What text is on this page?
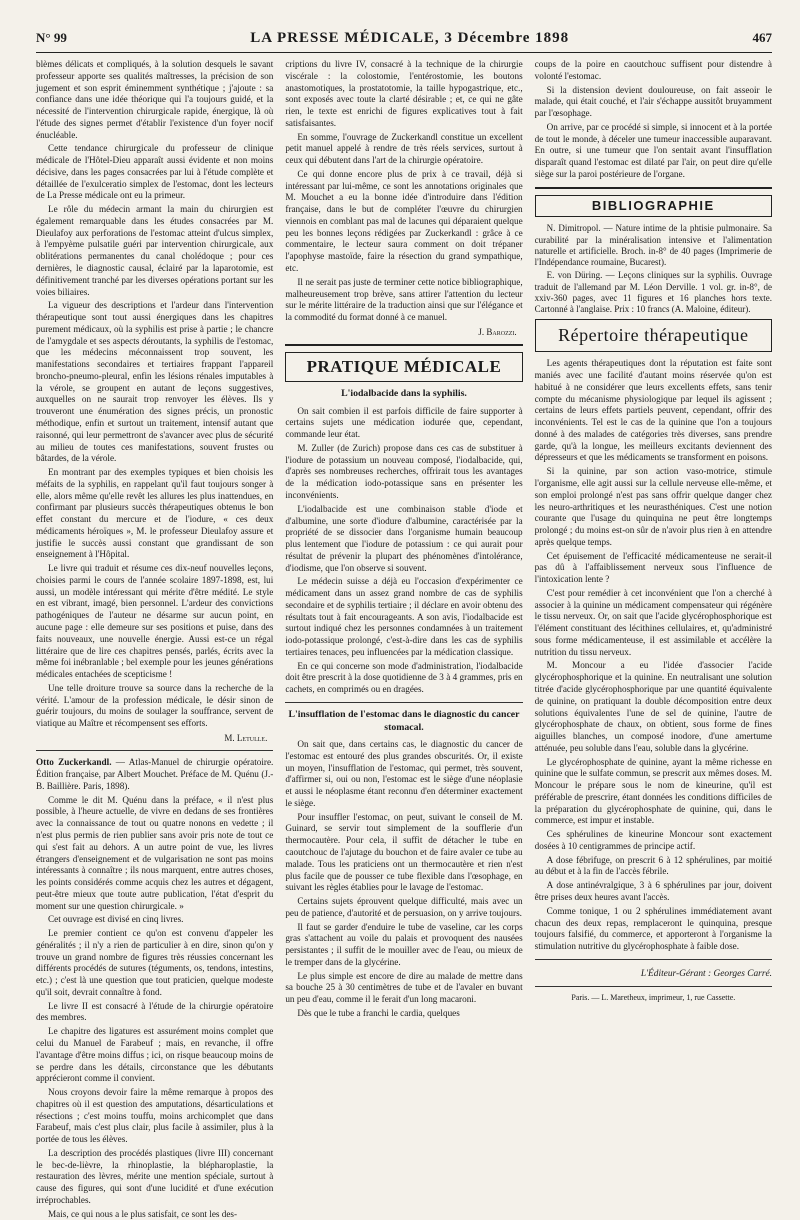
N° 99	LA PRESSE MÉDICALE, 3 Décembre 1898	467

blèmes délicats et compliqués, à la solution desquels le savant professeur apporte ses qualités maîtresses, la précision de son jugement et son esprit éminemment synthétique ; j'ajoute : sa confiance dans une idée théorique qui l'a toujours guidé, et la nécessité de l'intervention chirurgicale rapide, énergique, là où l'étude des signes permet d'établir l'existence d'un foyer nocif énucléable.

Cette tendance chirurgicale du professeur de clinique médicale de l'Hôtel-Dieu apparaît aussi évidente et non moins décisive, dans les pages consacrées par lui à l'étude complète et détaillée de l'exulceratio simplex de l'estomac, dont les lecteurs de La Presse médicale ont eu la primeur.

Le rôle du médecin armant la main du chirurgien est également remarquable dans les études consacrées par M. Dieulafoy aux perforations de l'estomac atteint d'ulcus simplex, à l'empyème pulsatile guéri par intervention chirurgicale, aux oblitérations permanentes du canal cholédoque ; pour ces dernières, le diagnostic causal, éclairé par la laparotomie, est définitivement tranché par les diverses opérations portant sur les voies biliaires.

La vigueur des descriptions et l'ardeur dans l'intervention thérapeutique sont tout aussi énergiques dans les chapitres purement médicaux, où la syphilis est prise à partie ; le chancre de l'amygdale et ses aspects déroutants, la syphilis de l'estomac, que les médecins méconnaissent trop souvent, les manifestations secondaires et tertiaires frappant l'appareil broncho-pneumo-pleural, enfin les lésions rénales imputables à la vérole, se groupent en autant de leçons suggestives, auxquelles on ne saurait trop renvoyer les élèves. Ils y trouveront une énumération des signes précis, un pronostic méthodique, enfin et surtout un traitement, intensif autant que raisonné, qui leur permettront de s'avancer avec plus de sécurité au milieu de toutes ces manifestations, souvent frustes ou bâtardes, de la vérole.

En montrant par des exemples typiques et bien choisis les méfaits de la syphilis, en rappelant qu'il faut toujours songer à elle, alors même qu'elle revêt les allures les plus inattendues, en confirmant par plusieurs succès thérapeutiques obtenus le bon effet constant du mercure et de l'iodure, « ces deux médicaments héroïques », M. le professeur Dieulafoy assure et justifie le succès aussi constant que grandissant de son enseignement à l'Hôpital.

Le livre qui traduit et résume ces dix-neuf nouvelles leçons, choisies parmi le cours de l'année scolaire 1897-1898, est, lui aussi, un modèle intéressant qui mérite d'être médité. Le style en est vibrant, imagé, bien personnel. L'ardeur des convictions pathogéniques de l'auteur ne désarme sur aucun point, en aucune page : elle demeure sur ses positions et puise, dans des faits nouveaux, une nouvelle énergie. Aussi est-ce un régal littéraire que de lire ces chapitres pensés, parlés, écrits avec la même foi inébranlable ; bel exemple pour les jeunes générations médicales entachées de scepticisme !

Une telle droiture trouve sa source dans la recherche de la vérité. L'amour de la profession médicale, le désir sinon de guérir toujours, du moins de soulager la souffrance, servent de viatique au Maître et récompensent ses efforts.

M. Letulle.

Otto Zuckerkandl. — Atlas-Manuel de chirurgie opératoire. Édition française, par Albert Mouchet. Préface de M. Quénu (J.-B. Baillière. Paris, 1898).

Comme le dit M. Quénu dans la préface, « il n'est plus possible, à l'heure actuelle, de vivre en dedans de ses frontières avec la connaissance de tout ou quatre nonons en vedette ; il n'est plus permis de rien publier sans avoir pris note de tout ce qui s'est fait au dehors. A un autre point de vue, les livres étrangers d'enseignement et de vulgarisation ne sont pas moins intéressants à connaître ; ils nous marquent, entre autres choses, les points considérés comme acquis chez les autres et dégagent, peut-être mieux que toute autre publication, l'état d'esprit du moment sur une question chirurgicale. »

Cet ouvrage est divisé en cinq livres.

Le premier contient ce qu'on est convenu d'appeler les généralités ; il n'y a rien de particulier à en dire, sinon qu'on y trouve un grand nombre de figures très réussies concernant les différents procédés de sutures (téguments, os, tendons, intestins, etc.) ; c'est là une question que tout praticien, quelque modeste qu'il soit, devrait connaître à fond.

Le livre II est consacré à l'étude de la chirurgie opératoire des membres.

Le chapitre des ligatures est assurément moins complet que celui du Manuel de Farabeuf ; mais, en revanche, il offre l'avantage d'être moins diffus ; ici, on risque beaucoup moins de se perdre dans les détails, circonstance que les débutants apprécieront comme il convient.

Nous croyons devoir faire la même remarque à propos des chapitres où il est question des amputations, désarticulations et résections ; c'est moins touffu, moins archicomplet que dans Farabeuf, mais c'est plus clair, plus facile à assimiler, plus à la portée de tous les élèves.

La description des procédés plastiques (livre III) concernant le bec-de-lièvre, la rhinoplastie, la blépharoplastie, la restauration des lèvres, mérite une mention spéciale, surtout à cause des figures, qui sont d'une lucidité et d'une exécution irréprochables.

Mais, ce qui nous a le plus satisfait, ce sont les des-

criptions du livre IV, consacré à la technique de la chirurgie viscérale : la colostomie, l'entérostomie, les boutons anastomotiques, la prostatotomie, la taille hypogastrique, etc., sont exposés avec toute la clarté désirable ; et, ce qui ne gâte rien, le texte est enrichi de figures explicatives tout à fait satisfaisantes.

En somme, l'ouvrage de Zuckerkandl constitue un excellent petit manuel appelé à rendre de très réels services, surtout à ceux qui débutent dans l'art de la chirurgie opératoire.

Ce qui donne encore plus de prix à ce travail, déjà si intéressant par lui-même, ce sont les annotations originales que M. Mouchet a eu la bonne idée d'introduire dans l'édition française, dans le but de compléter l'œuvre du chirurgien viennois en comblant pas mal de lacunes qui déparaient quelque peu les bonnes leçons rédigées par Zuckerkandl : grâce à ce commentaire, le lecteur saura comment on doit trépaner l'apophyse mastoïde, faire la résection du grand sympathique, etc.

Il ne serait pas juste de terminer cette notice bibliographique, malheureusement trop brève, sans attirer l'attention du lecteur sur le mérite littéraire de la traduction ainsi que sur l'élégance et la commodité du format donné à ce manuel.

J. Barozzi.
PRATIQUE MÉDICALE
L'iodalbacide dans la syphilis.

On sait combien il est parfois difficile de faire supporter à certains sujets une médication iodurée que, cependant, commande leur état.

M. Zuller (de Zurich) propose dans ces cas de substituer à l'iodure de potassium un nouveau composé, l'iodalbacide, qui, d'après ses nombreuses recherches, offrirait tous les avantages de la médication iodo-potassique sans en présenter les inconvénients.

L'iodalbacide est une combinaison stable d'iode et d'albumine, une sorte d'iodure d'albumine, caractérisée par la propriété de se dissocier dans l'organisme humain beaucoup plus lentement que l'iodure de potassium : ce qui aurait pour résultat de prévenir la plupart des phénomènes d'intolérance, d'iodisme, que l'on observe si souvent.

Le médecin suisse a déjà eu l'occasion d'expérimenter ce médicament dans un assez grand nombre de cas de syphilis secondaire et de syphilis tertiaire ; il déclare en avoir obtenu des résultats tout à fait encourageants. A son avis, l'iodalbacide est surtout indiqué chez les personnes condamnées à un traitement iodo-potassique prolongé, c'est-à-dire dans les cas de syphilis tertiaires tenaces, peu influencées par la médication classique.

En ce qui concerne son mode d'administration, l'iodalbacide doit être prescrit à la dose quotidienne de 3 à 4 grammes, pris en cachets, en comprimés ou en dragées.

L'insufflation de l'estomac dans le diagnostic du cancer stomacal.

On sait que, dans certains cas, le diagnostic du cancer de l'estomac est entouré des plus grandes obscurités. Or, il existe un moyen, l'insufflation de l'estomac, qui permet, très souvent, d'affirmer si, oui ou non, l'estomac est le siège d'une néoplasie et aussi le néoplasme étant reconnu d'en déterminer exactement le siège.

Pour insuffler l'estomac, on peut, suivant le conseil de M. Guinard, se servir tout simplement de la soufflerie d'un thermocautère. Pour cela, il suffit de détacher le tube en caoutchouc de l'ajutage du bouchon et de faire avaler ce tube au malade. Tous les praticiens ont un thermocautère et rien n'est plus facile que de pousser ce tube flexible dans l'œsophage, en suivant les règles établies pour le lavage de l'estomac.

Certains sujets éprouvent quelque difficulté, mais avec un peu de patience, d'autorité et de persuasion, on y arrive toujours.

Il faut se garder d'enduire le tube de vaseline, car les corps gras s'attachent au voile du palais et provoquent des nausées persistantes ; il suffit de le mouiller avec de l'eau, ou mieux de le tremper dans de la glycérine.

Le plus simple est encore de dire au malade de mettre dans sa bouche 25 à 30 centimètres de tube et de l'avaler en buvant un peu d'eau, comme il le ferait d'un long macaroni.

Dès que le tube a franchi le cardia, quelques

coups de la poire en caoutchouc suffisent pour distendre à volonté l'estomac.

Si la distension devient douloureuse, on fait asseoir le malade, qui était couché, et l'air s'échappe aussitôt bruyamment par l'œsophage.

On arrive, par ce procédé si simple, si innocent et à la portée de tout le monde, à déceler une tumeur inaccessible auparavant. En outre, si une tumeur que l'on sentait avant l'insufflation disparaît quand l'estomac est dilaté par l'air, on peut dire qu'elle siège sur la paroi postérieure de l'organe.

BIBLIOGRAPHIE

N. Dimitropol. — Nature intime de la phtisie pulmonaire. Sa curabilité par la minéralisation intensive et l'alimentation naturelle et artificielle. Broch. in-8° de 40 pages (Imprimerie de l'Indépendance roumaine, Bucarest).

E. von Düring. — Leçons cliniques sur la syphilis. Ouvrage traduit de l'allemand par M. Léon Derville. 1 vol. gr. in-8°, de xxiv-360 pages, avec 11 figures et 16 planches hors texte. Cartonné à l'anglaise. Prix : 10 francs (A. Maloine, éditeur).

Répertoire thérapeutique

Les agents thérapeutiques dont la réputation est faite sont maniés avec une facilité d'autant moins réservée qu'on est habitué à ne considérer que leurs excellents effets, sans tenir compte du mécanisme physiologique par lequel ils agissent ; certains de leurs effets partiels peuvent, cependant, offrir des inconvénients. Tel est le cas de la quinine que l'on a toujours donné à des malades de catégories très diverses, sans prendre garde, qu'à la longue, les meilleurs excitants deviennent des dépresseurs et que les médicaments se transforment en poisons.

Si la quinine, par son action vaso-motrice, stimule l'organisme, elle agit aussi sur la cellule nerveuse elle-même, et son emploi prolongé n'est pas sans offrir quelque danger chez les neuro-arthritiques et les neurasthéniques. C'est une notion courante que l'usage du quinquina ne peut être longtemps prolongé ; du moins est-on sûr de n'avoir plus rien à en attendre après quelque temps.

Cet épuisement de l'efficacité médicamenteuse ne serait-il pas dû à l'affaiblissement nerveux sous l'influence de l'intoxication lente ?

C'est pour remédier à cet inconvénient que l'on a cherché à associer à la quinine un médicament compensateur qui régénère le tissu nerveux. Or, on sait que l'acide glycérophosphorique est l'élément constituant des lécithines cellulaires, et, qu'administré sous forme médicamenteuse, il est assimilable et accélère la nutrition du tissu nerveux.

M. Moncour a eu l'idée d'associer l'acide glycérophosphorique et la quinine. En neutralisant une solution titrée d'acide glycérophosphorique par une quantité équivalente de quinine, on pratiquant la double décomposition entre deux solutions équivalentes l'une de sel de quinine, l'autre de glycérophosphate de chaux, on obtient, sous forme de fines aiguilles blanches, un composé inodore, d'une amertume atténuée, peu soluble dans l'eau, soluble dans la glycérine.

Le glycérophosphate de quinine, ayant la même richesse en quinine que le sulfate commun, se prescrit aux mêmes doses. M. Moncour le prépare sous le nom de kineurine, qu'il est préférable de prescrire, étant données les conditions difficiles de la préparation du glycérophosphate de quinine, qui, dans le commerce, est impur et instable.

Ces sphérulines de kineurine Moncour sont exactement dosées à 10 centigrammes de principe actif.

A dose fébrifuge, on prescrit 6 à 12 sphérulines, par moitié au début et à la fin de l'accès fébrile.

A dose antinévralgique, 3 à 6 sphérulines par jour, doivent être prises deux heures avant l'accès.

Comme tonique, 1 ou 2 sphérulines immédiatement avant chacun des deux repas, remplaceront le quinquina, presque toujours falsifié, du commerce, et apporteront à l'organisme la stimulation nutritive du glycérophosphate à faible dose.

L'Éditeur-Gérant : Georges Carré.
Paris. — L. Maretheux, imprimeur, 1, rue Cassette.
